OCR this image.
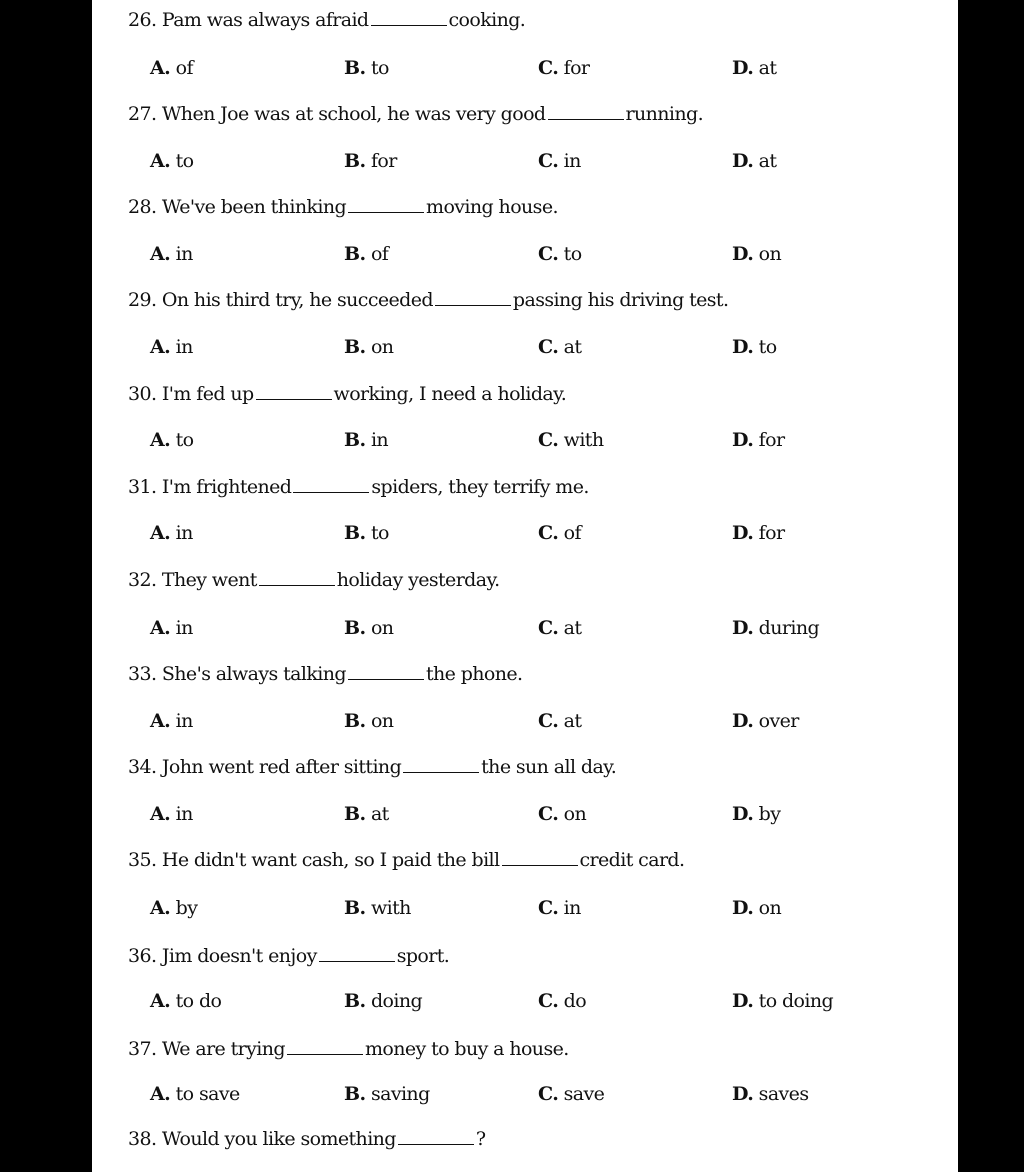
26. Pam was always afraid	cooking.
A. of	B. to	C. for	D. at
27. When Joe was at school, he was very good	running.
A. to	B. for	C. in	D. at
28. We've been thinking	moving house.
A. in	B. of	C. to	D. on
29. On his third try, he succeeded	passing his driving test.
A. in	B. on	C. at	D. to
30. I'm fed up	working, I need a holiday.
A. to	B. in	C. with	D. for
31. I'm frightened	spiders, they terrify me.
A. in	B. to	C. of	D. for
32. They went	holiday yesterday.
A. in	B. on	C. at	D. during
33. She's always talking	the phone.
A. in	B. on	C. at	D. over
34. John went red after sitting	the sun all day.
A. in	B. at	C. on	D. by
35. He didn't want cash, so I paid the bill	credit card.
A. by	B. with	C. in	D. on
36. Jim doesn't enjoy	sport.
A. to do	B. doing	C. do	D. to doing
37. We are trying	money to buy a house.
A. to save	B. saving	C. save	D. saves
38. Would you like something	?
